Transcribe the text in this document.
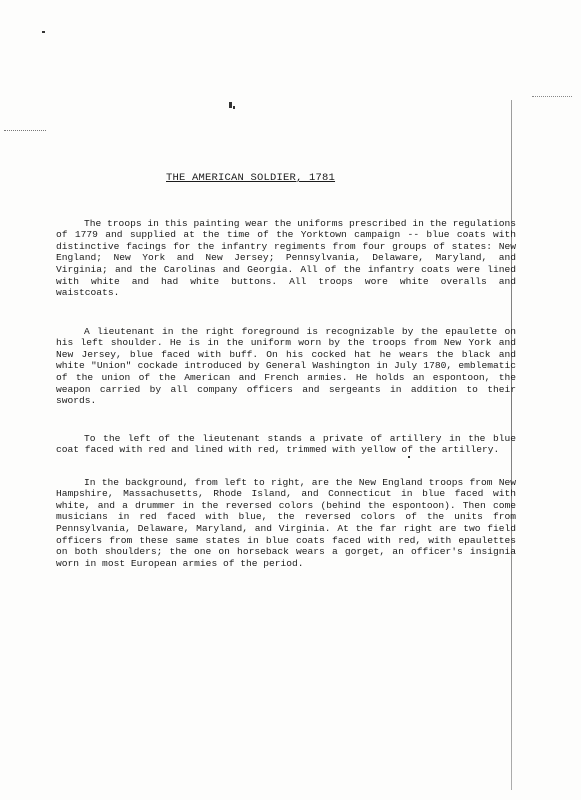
THE AMERICAN SOLDIER, 1781

The troops in this painting wear the uniforms prescribed in the regulations of 1779 and supplied at the time of the Yorktown campaign -- blue coats with distinctive facings for the infantry regiments from four groups of states: New England; New York and New Jersey; Pennsylvania, Delaware, Maryland, and Virginia; and the Carolinas and Georgia. All of the infantry coats were lined with white and had white buttons. All troops wore white overalls and waistcoats.

A lieutenant in the right foreground is recognizable by the epaulette on his left shoulder. He is in the uniform worn by the troops from New York and New Jersey, blue faced with buff. On his cocked hat he wears the black and white "Union" cockade introduced by General Washington in July 1780, emblematic of the union of the American and French armies. He holds an espontoon, the weapon carried by all company officers and sergeants in addition to their swords.

To the left of the lieutenant stands a private of artillery in the blue coat faced with red and lined with red, trimmed with yellow of the artillery.

In the background, from left to right, are the New England troops from New Hampshire, Massachusetts, Rhode Island, and Connecticut in blue faced with white, and a drummer in the reversed colors (behind the espontoon). Then come musicians in red faced with blue, the reversed colors of the units from Pennsylvania, Delaware, Maryland, and Virginia. At the far right are two field officers from these same states in blue coats faced with red, with epaulettes on both shoulders; the one on horseback wears a gorget, an officer's insignia worn in most European armies of the period.
